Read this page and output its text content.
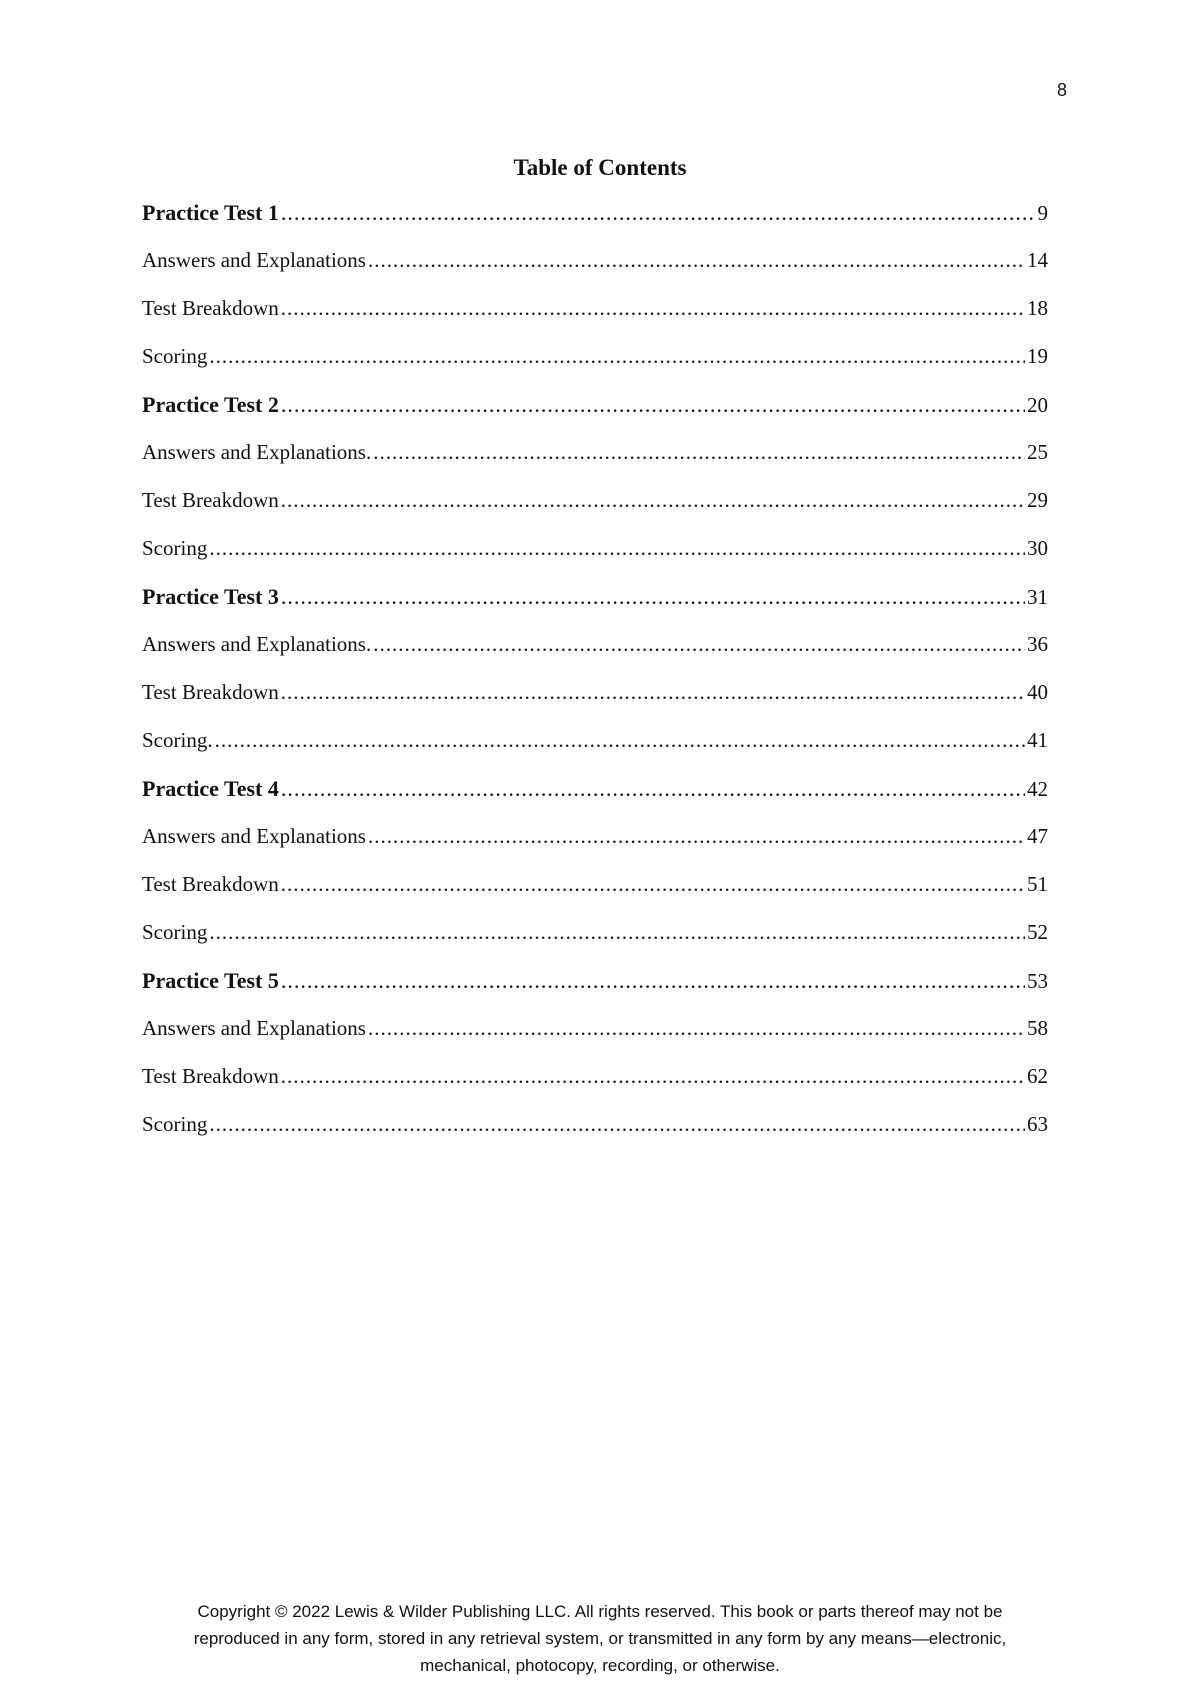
8
Table of Contents
Practice Test 1 .....	9
Answers and Explanations .....	14
Test Breakdown .....	18
Scoring .....	19
Practice Test 2 .....	20
Answers and Explanations. .....	25
Test Breakdown .....	29
Scoring .....	30
Practice Test 3 .....	31
Answers and Explanations. .....	36
Test Breakdown .....	40
Scoring. .....	41
Practice Test 4 .....	42
Answers and Explanations .....	47
Test Breakdown .....	51
Scoring .....	52
Practice Test 5 .....	53
Answers and Explanations .....	58
Test Breakdown .....	62
Scoring .....	63
Copyright © 2022 Lewis & Wilder Publishing LLC. All rights reserved. This book or parts thereof may not be
reproduced in any form, stored in any retrieval system, or transmitted in any form by any means—electronic,
mechanical, photocopy, recording, or otherwise.
